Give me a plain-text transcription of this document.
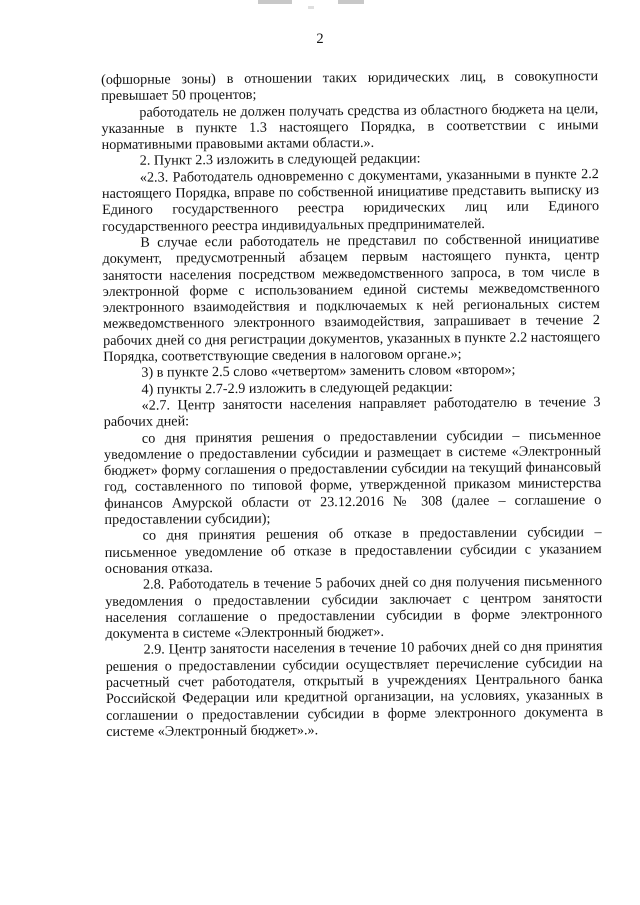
2

(офшорные зоны) в отношении таких юридических лиц, в совокупности превышает 50 процентов;

работодатель не должен получать средства из областного бюджета на цели, указанные в пункте 1.3 настоящего Порядка, в соответствии с иными нормативными правовыми актами области.».

2. Пункт 2.3 изложить в следующей редакции:

«2.3. Работодатель одновременно с документами, указанными в пункте 2.2 настоящего Порядка, вправе по собственной инициативе представить выписку из Единого государственного реестра юридических лиц или Единого государственного реестра индивидуальных предпринимателей.

В случае если работодатель не представил по собственной инициативе документ, предусмотренный абзацем первым настоящего пункта, центр занятости населения посредством межведомственного запроса, в том числе в электронной форме с использованием единой системы межведомственного электронного взаимодействия и подключаемых к ней региональных систем межведомственного электронного взаимодействия, запрашивает в течение 2 рабочих дней со дня регистрации документов, указанных в пункте 2.2 настоящего Порядка, соответствующие сведения в налоговом органе.»;

3) в пункте 2.5 слово «четвертом» заменить словом «втором»;

4) пункты 2.7-2.9 изложить в следующей редакции:

«2.7. Центр занятости населения направляет работодателю в течение 3 рабочих дней:

со дня принятия решения о предоставлении субсидии – письменное уведомление о предоставлении субсидии и размещает в системе «Электронный бюджет» форму соглашения о предоставлении субсидии на текущий финансовый год, составленного по типовой форме, утвержденной приказом министерства финансов Амурской области от 23.12.2016 № 308 (далее – соглашение о предоставлении субсидии);

со дня принятия решения об отказе в предоставлении субсидии – письменное уведомление об отказе в предоставлении субсидии с указанием основания отказа.

2.8. Работодатель в течение 5 рабочих дней со дня получения письменного уведомления о предоставлении субсидии заключает с центром занятости населения соглашение о предоставлении субсидии в форме электронного документа в системе «Электронный бюджет».

2.9. Центр занятости населения в течение 10 рабочих дней со дня принятия решения о предоставлении субсидии осуществляет перечисление субсидии на расчетный счет работодателя, открытый в учреждениях Центрального банка Российской Федерации или кредитной организации, на условиях, указанных в соглашении о предоставлении субсидии в форме электронного документа в системе «Электронный бюджет».».
